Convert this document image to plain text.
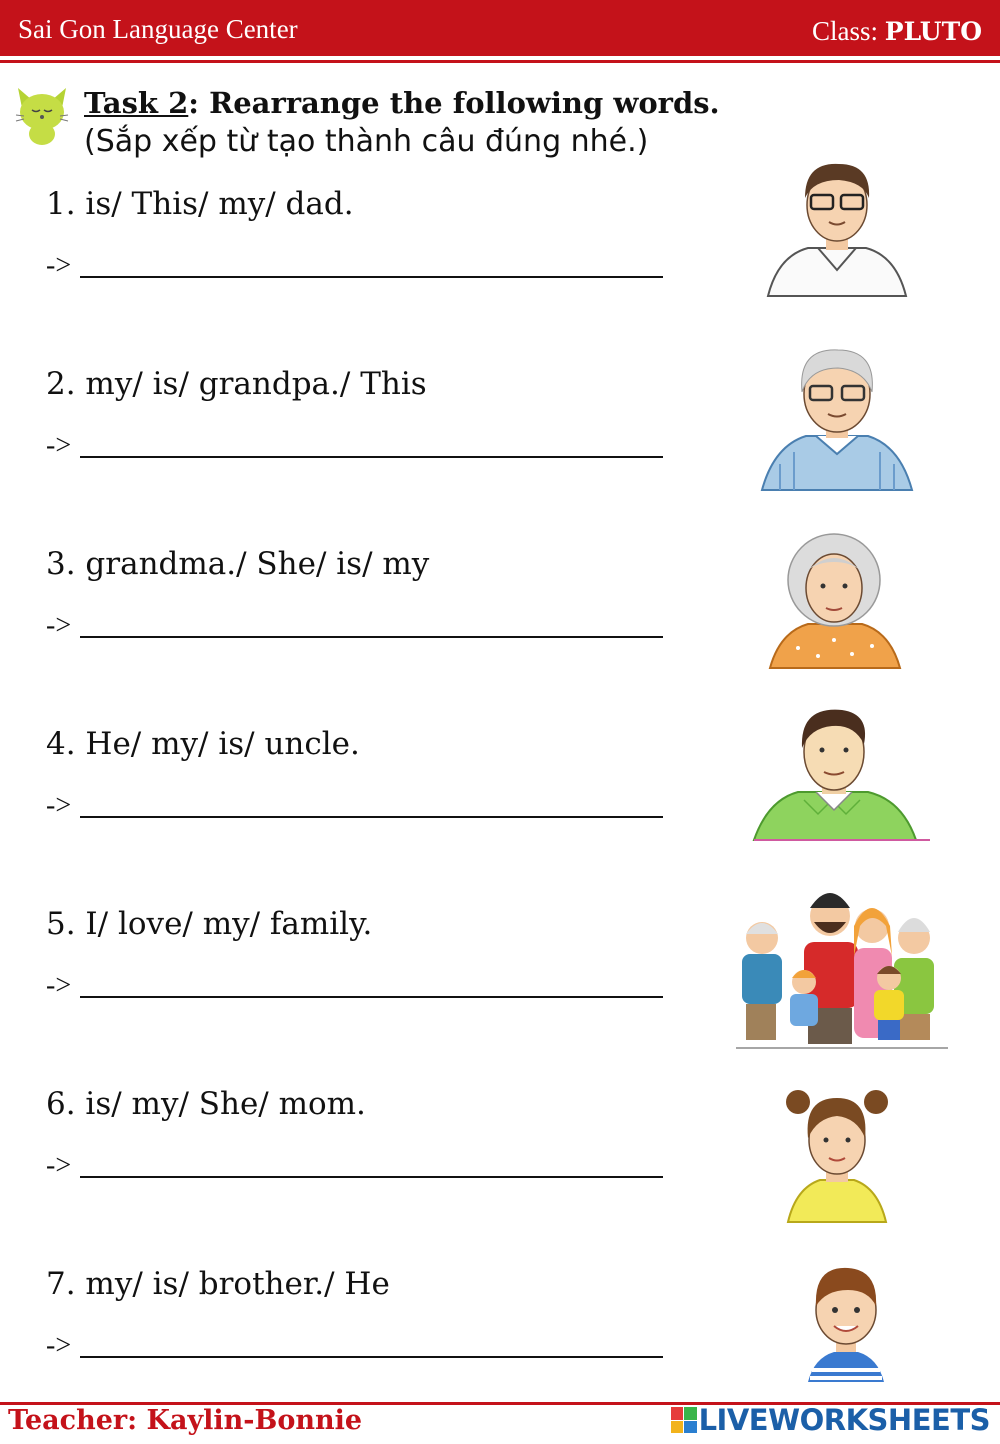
Sai Gon Language Center	Class: PLUTO
Task 2: Rearrange the following words.
(Sắp xếp từ tạo thành câu đúng nhé.)
1. is/ This/ my/ dad.
->
2. my/ is/ grandpa./ This
->
3. grandma./ She/ is/ my
->
4. He/ my/ is/ uncle.
->
5. I/ love/ my/ family.
->
6. is/ my/ She/ mom.
->
7. my/ is/ brother./ He
->
Teacher: Kaylin-Bonnie	LIVEWORKSHEETS
